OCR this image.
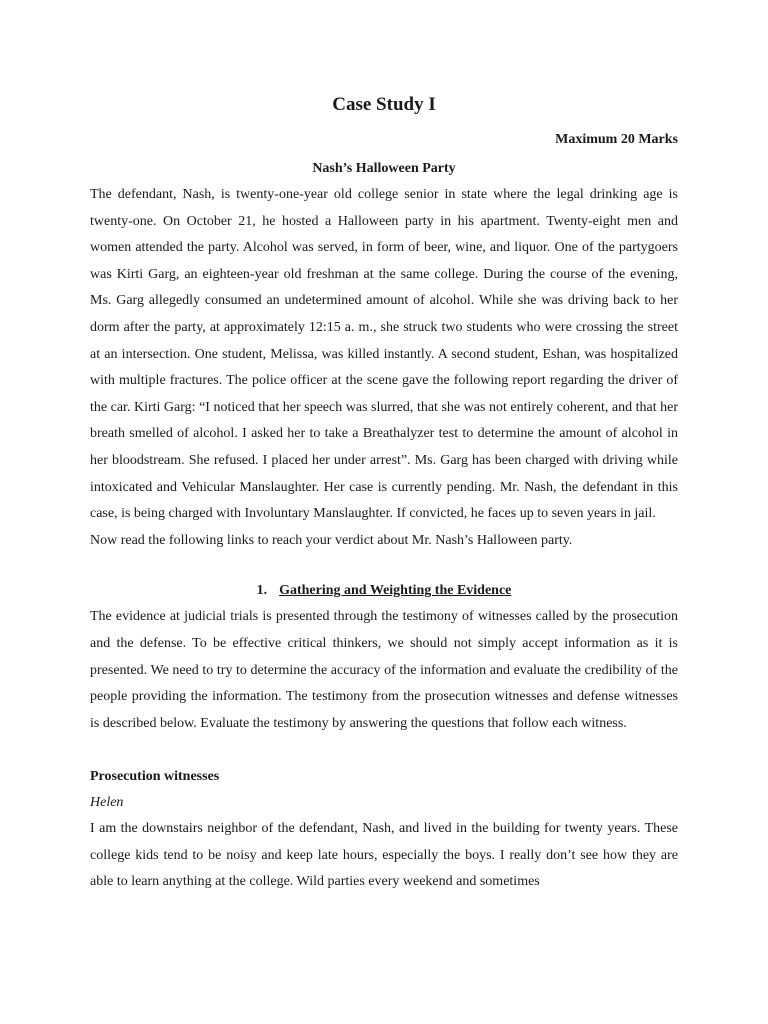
Case Study I
Maximum 20 Marks
Nash’s Halloween Party

The defendant, Nash, is twenty-one-year old college senior in state where the legal drinking age is twenty-one. On October 21, he hosted a Halloween party in his apartment. Twenty-eight men and women attended the party. Alcohol was served, in form of beer, wine, and liquor. One of the partygoers was Kirti Garg, an eighteen-year old freshman at the same college. During the course of the evening, Ms. Garg allegedly consumed an undetermined amount of alcohol. While she was driving back to her dorm after the party, at approximately 12:15 a. m., she struck two students who were crossing the street at an intersection. One student, Melissa, was killed instantly. A second student, Eshan, was hospitalized with multiple fractures. The police officer at the scene gave the following report regarding the driver of the car. Kirti Garg: “I noticed that her speech was slurred, that she was not entirely coherent, and that her breath smelled of alcohol. I asked her to take a Breathalyzer test to determine the amount of alcohol in her bloodstream. She refused. I placed her under arrest”. Ms. Garg has been charged with driving while intoxicated and Vehicular Manslaughter. Her case is currently pending. Mr. Nash, the defendant in this case, is being charged with Involuntary Manslaughter. If convicted, he faces up to seven years in jail.

Now read the following links to reach your verdict about Mr. Nash’s Halloween party.

1. Gathering and Weighting the Evidence

The evidence at judicial trials is presented through the testimony of witnesses called by the prosecution and the defense. To be effective critical thinkers, we should not simply accept information as it is presented. We need to try to determine the accuracy of the information and evaluate the credibility of the people providing the information. The testimony from the prosecution witnesses and defense witnesses is described below. Evaluate the testimony by answering the questions that follow each witness.

Prosecution witnesses
Helen

I am the downstairs neighbor of the defendant, Nash, and lived in the building for twenty years. These college kids tend to be noisy and keep late hours, especially the boys. I really don’t see how they are able to learn anything at the college. Wild parties every weekend and sometimes
